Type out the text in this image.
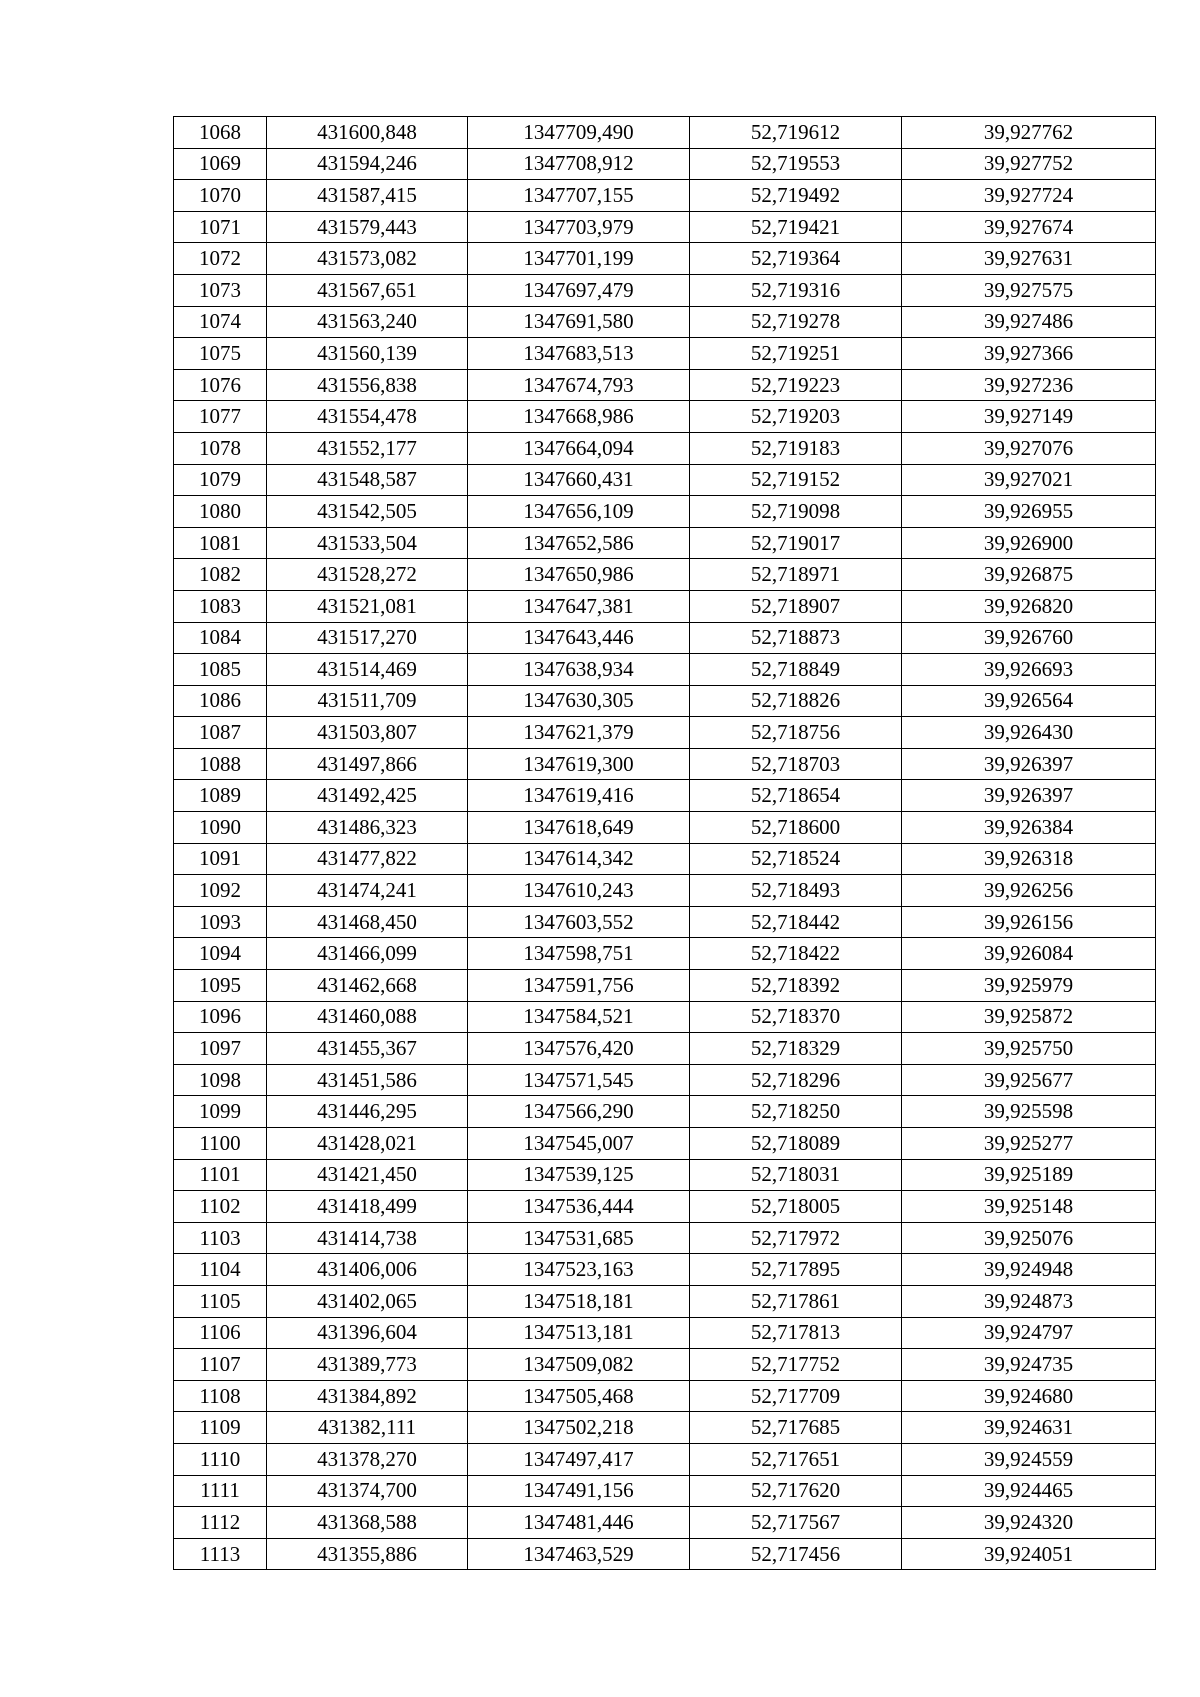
1068	431600,848	1347709,490	52,719612	39,927762
1069	431594,246	1347708,912	52,719553	39,927752
1070	431587,415	1347707,155	52,719492	39,927724
1071	431579,443	1347703,979	52,719421	39,927674
1072	431573,082	1347701,199	52,719364	39,927631
1073	431567,651	1347697,479	52,719316	39,927575
1074	431563,240	1347691,580	52,719278	39,927486
1075	431560,139	1347683,513	52,719251	39,927366
1076	431556,838	1347674,793	52,719223	39,927236
1077	431554,478	1347668,986	52,719203	39,927149
1078	431552,177	1347664,094	52,719183	39,927076
1079	431548,587	1347660,431	52,719152	39,927021
1080	431542,505	1347656,109	52,719098	39,926955
1081	431533,504	1347652,586	52,719017	39,926900
1082	431528,272	1347650,986	52,718971	39,926875
1083	431521,081	1347647,381	52,718907	39,926820
1084	431517,270	1347643,446	52,718873	39,926760
1085	431514,469	1347638,934	52,718849	39,926693
1086	431511,709	1347630,305	52,718826	39,926564
1087	431503,807	1347621,379	52,718756	39,926430
1088	431497,866	1347619,300	52,718703	39,926397
1089	431492,425	1347619,416	52,718654	39,926397
1090	431486,323	1347618,649	52,718600	39,926384
1091	431477,822	1347614,342	52,718524	39,926318
1092	431474,241	1347610,243	52,718493	39,926256
1093	431468,450	1347603,552	52,718442	39,926156
1094	431466,099	1347598,751	52,718422	39,926084
1095	431462,668	1347591,756	52,718392	39,925979
1096	431460,088	1347584,521	52,718370	39,925872
1097	431455,367	1347576,420	52,718329	39,925750
1098	431451,586	1347571,545	52,718296	39,925677
1099	431446,295	1347566,290	52,718250	39,925598
1100	431428,021	1347545,007	52,718089	39,925277
1101	431421,450	1347539,125	52,718031	39,925189
1102	431418,499	1347536,444	52,718005	39,925148
1103	431414,738	1347531,685	52,717972	39,925076
1104	431406,006	1347523,163	52,717895	39,924948
1105	431402,065	1347518,181	52,717861	39,924873
1106	431396,604	1347513,181	52,717813	39,924797
1107	431389,773	1347509,082	52,717752	39,924735
1108	431384,892	1347505,468	52,717709	39,924680
1109	431382,111	1347502,218	52,717685	39,924631
1110	431378,270	1347497,417	52,717651	39,924559
1111	431374,700	1347491,156	52,717620	39,924465
1112	431368,588	1347481,446	52,717567	39,924320
1113	431355,886	1347463,529	52,717456	39,924051
